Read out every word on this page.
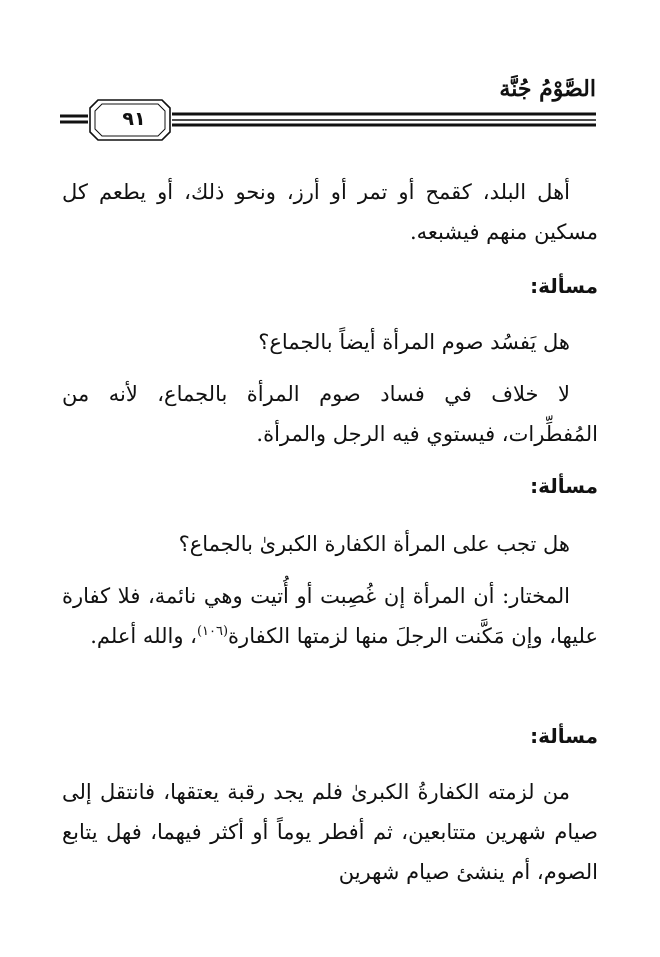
الصَّوْمُ جُنَّة
٩١

أهل البلد، كقمح أو تمر أو أرز، ونحو ذلك، أو يطعم كل مسكين منهم فيشبعه.

مسألة:

هل يَفسُد صوم المرأة أيضاً بالجماع؟

لا خلاف في فساد صوم المرأة بالجماع، لأنه من المُفطِّرات، فيستوي فيه الرجل والمرأة.

مسألة:

هل تجب على المرأة الكفارة الكبرىٰ بالجماع؟

المختار: أن المرأة إن غُصِبت أو أُتيت وهي نائمة، فلا كفارة عليها، وإن مَكَّنت الرجلَ منها لزمتها الكفارة$^{(١٠٦)}$، والله أعلم.

مسألة:

من لزمته الكفارةُ الكبرىٰ فلم يجد رقبة يعتقها، فانتقل إلى صيام شهرين متتابعين، ثم أفطر يوماً أو أكثر فيهما، فهل يتابع الصوم، أم ينشئ صيام شهرين
